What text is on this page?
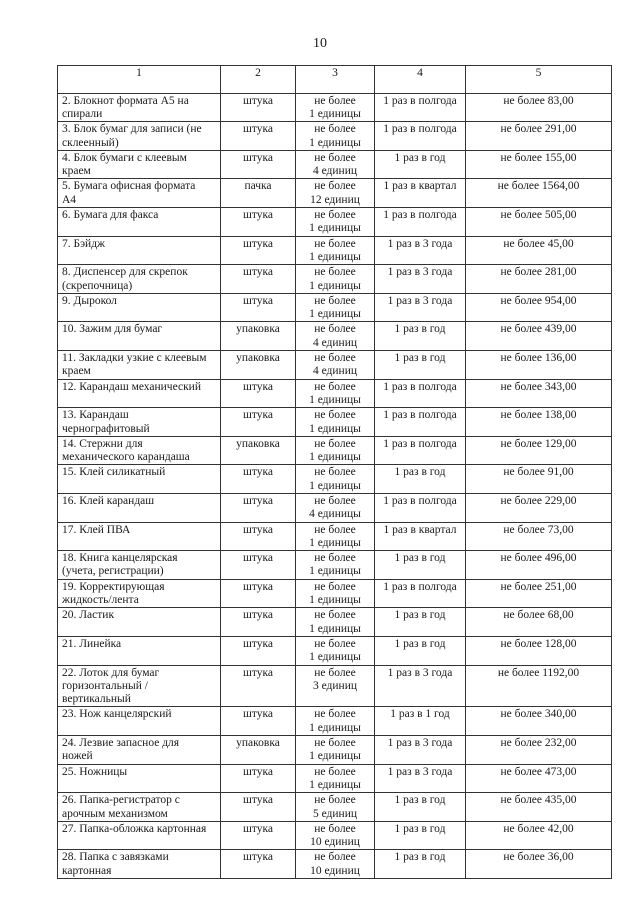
10
1	2	3	4	5
2. Блокнот формата А5 на
спирали	штука	не более
1 единицы	1 раз в полгода	не более 83,00
3. Блок бумаг для записи (не
склеенный)	штука	не более
1 единицы	1 раз в полгода	не более 291,00
4. Блок бумаги с клеевым
краем	штука	не более
4 единиц	1 раз в год	не более 155,00
5. Бумага офисная формата
А4	пачка	не более
12 единиц	1 раз в квартал	не более 1564,00
6. Бумага для факса	штука	не более
1 единицы	1 раз в полгода	не более 505,00
7. Бэйдж	штука	не более
1 единицы	1 раз в 3 года	не более 45,00
8. Диспенсер для скрепок
(скрепочница)	штука	не более
1 единицы	1 раз в 3 года	не более 281,00
9. Дырокол	штука	не более
1 единицы	1 раз в 3 года	не более 954,00
10. Зажим для бумаг	упаковка	не более
4 единиц	1 раз в год	не более 439,00
11. Закладки узкие с клеевым
краем	упаковка	не более
4 единиц	1 раз в год	не более 136,00
12. Карандаш механический	штука	не более
1 единицы	1 раз в полгода	не более 343,00
13. Карандаш
чернографитовый	штука	не более
1 единицы	1 раз в полгода	не более 138,00
14. Стержни для
механического карандаша	упаковка	не более
1 единицы	1 раз в полгода	не более 129,00
15. Клей силикатный	штука	не более
1 единицы	1 раз в год	не более 91,00
16. Клей карандаш	штука	не более
4 единицы	1 раз в полгода	не более 229,00
17. Клей ПВА	штука	не более
1 единицы	1 раз в квартал	не более 73,00
18. Книга канцелярская
(учета, регистрации)	штука	не более
1 единицы	1 раз в год	не более 496,00
19. Корректирующая
жидкость/лента	штука	не более
1 единицы	1 раз в полгода	не более 251,00
20. Ластик	штука	не более
1 единицы	1 раз в год	не более 68,00
21. Линейка	штука	не более
1 единицы	1 раз в год	не более 128,00
22. Лоток для бумаг
горизонтальный /
вертикальный	штука	не более
3 единиц	1 раз в 3 года	не более 1192,00
23. Нож канцелярский	штука	не более
1 единицы	1 раз в 1 год	не более 340,00
24. Лезвие запасное для
ножей	упаковка	не более
1 единицы	1 раз в 3 года	не более 232,00
25. Ножницы	штука	не более
1 единицы	1 раз в 3 года	не более 473,00
26. Папка-регистратор с
арочным механизмом	штука	не более
5 единиц	1 раз в год	не более 435,00
27. Папка-обложка картонная	штука	не более
10 единиц	1 раз в год	не более 42,00
28. Папка с завязками
картонная	штука	не более
10 единиц	1 раз в год	не более 36,00
